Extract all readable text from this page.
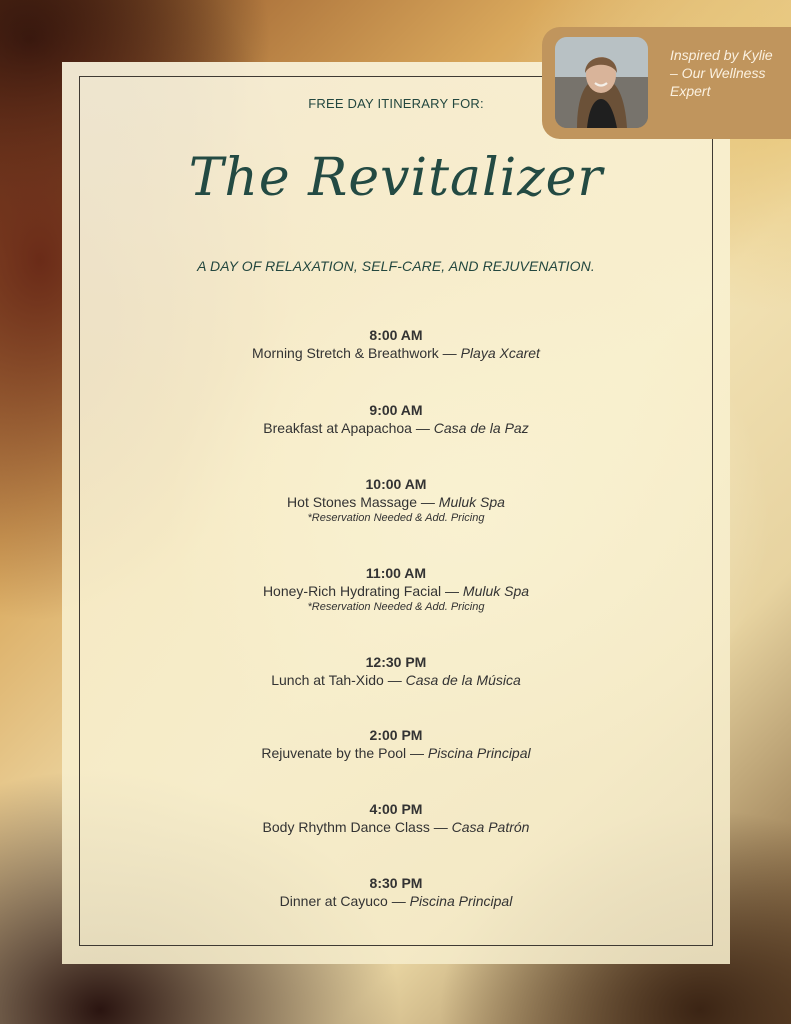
FREE DAY ITINERARY FOR:
The Revitalizer
A DAY OF RELAXATION, SELF-CARE, AND REJUVENATION.
8:00 AM
Morning Stretch & Breathwork — Playa Xcaret
9:00 AM
Breakfast at Apapachoa — Casa de la Paz
10:00 AM
Hot Stones Massage — Muluk Spa
*Reservation Needed & Add. Pricing
11:00 AM
Honey-Rich Hydrating Facial — Muluk Spa
*Reservation Needed & Add. Pricing
12:30 PM
Lunch at Tah-Xido — Casa de la Música
2:00 PM
Rejuvenate by the Pool — Piscina Principal
4:00 PM
Body Rhythm Dance Class — Casa Patrón
8:30 PM
Dinner at Cayuco — Piscina Principal
Inspired by Kylie – Our Wellness Expert
